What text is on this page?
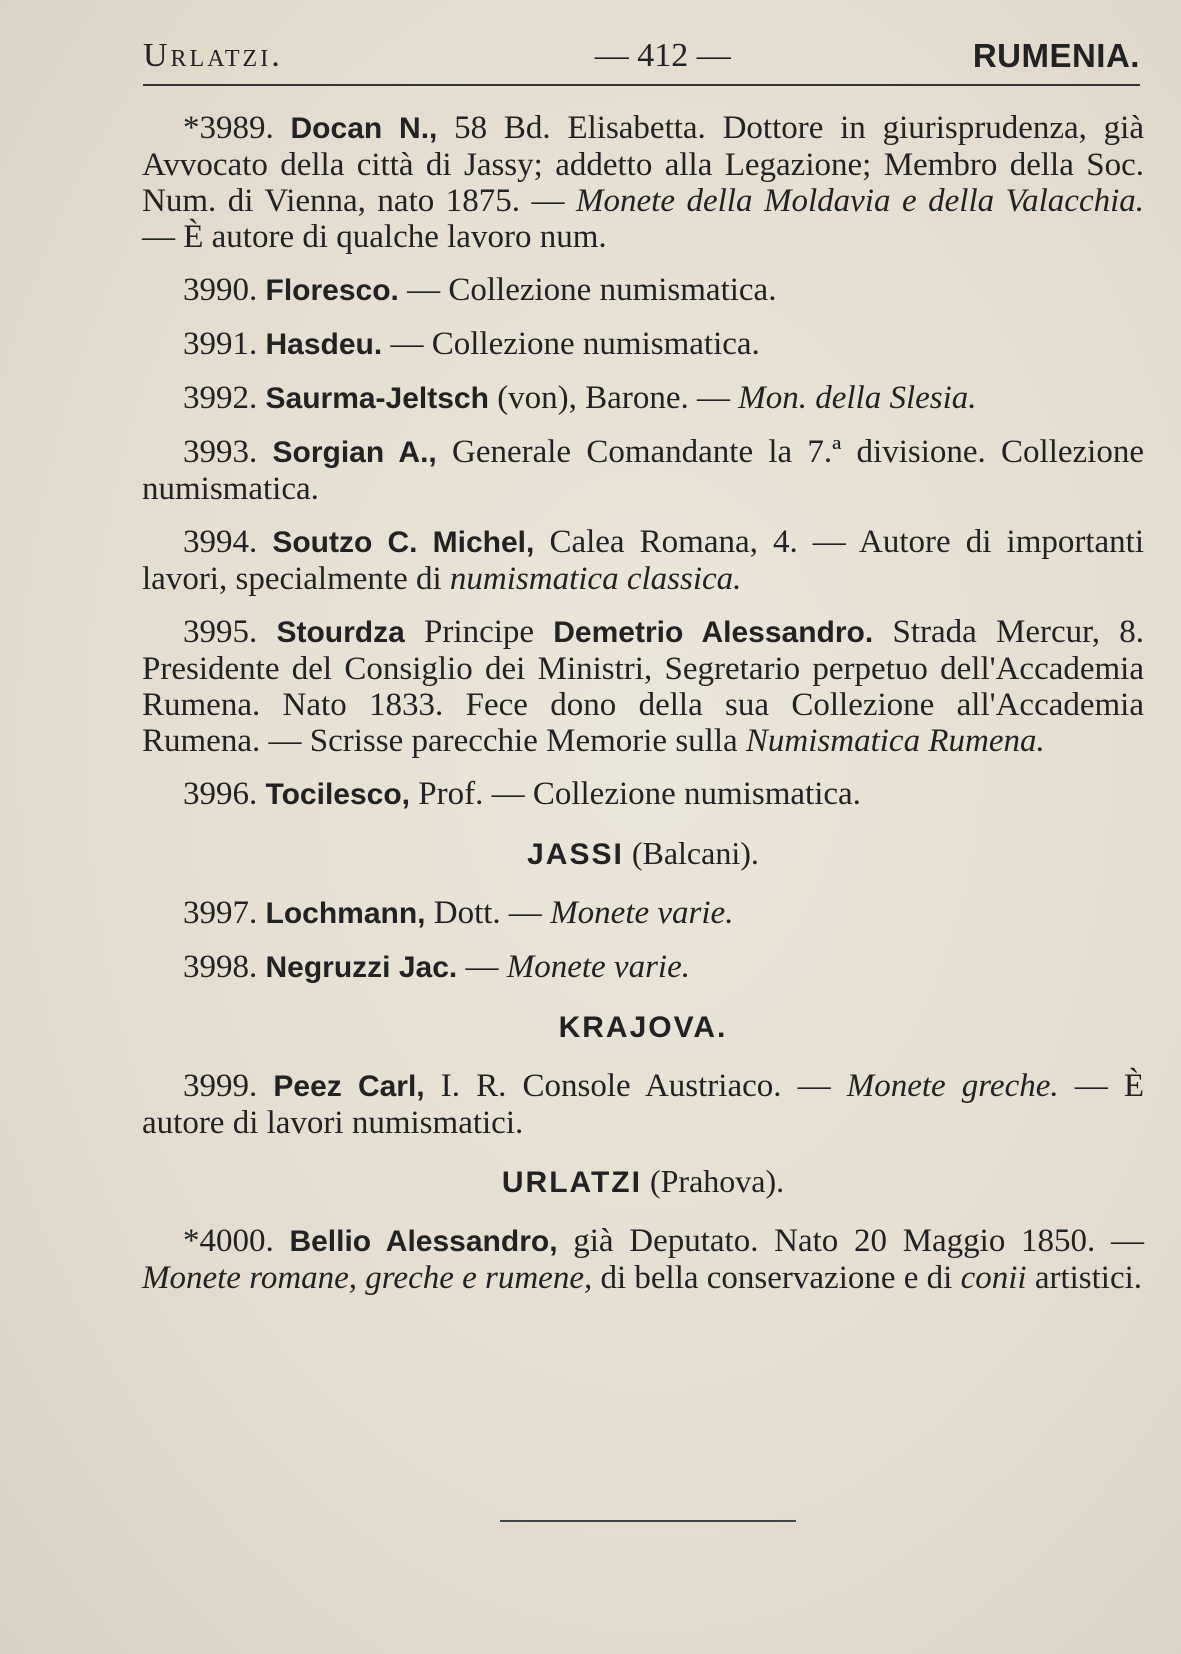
Urlatzi.	— 412 —	RUMENIA.

*3989. Docan N., 58 Bd. Elisabetta. Dottore in giurisprudenza, già Avvocato della città di Jassy; addetto alla Legazione; Membro della Soc. Num. di Vienna, nato 1875. — Monete della Moldavia e della Valacchia. — È autore di qualche lavoro num.

3990. Floresco. — Collezione numismatica.

3991. Hasdeu. — Collezione numismatica.

3992. Saurma-Jeltsch (von), Barone. — Mon. della Slesia.

3993. Sorgian A., Generale Comandante la 7.ª divisione. Collezione numismatica.

3994. Soutzo C. Michel, Calea Romana, 4. — Autore di importanti lavori, specialmente di numismatica classica.

3995. Stourdza Principe Demetrio Alessandro. Strada Mercur, 8. Presidente del Consiglio dei Ministri, Segretario perpetuo dell'Accademia Rumena. Nato 1833. Fece dono della sua Collezione all'Accademia Rumena. — Scrisse parecchie Memorie sulla Numismatica Rumena.

3996. Tocilesco, Prof. — Collezione numismatica.

JASSI (Balcani).

3997. Lochmann, Dott. — Monete varie.

3998. Negruzzi Jac. — Monete varie.

KRAJOVA.

3999. Peez Carl, I. R. Console Austriaco. — Monete greche. — È autore di lavori numismatici.

URLATZI (Prahova).

*4000. Bellio Alessandro, già Deputato. Nato 20 Maggio 1850. — Monete romane, greche e rumene, di bella conservazione e di conii artistici.
